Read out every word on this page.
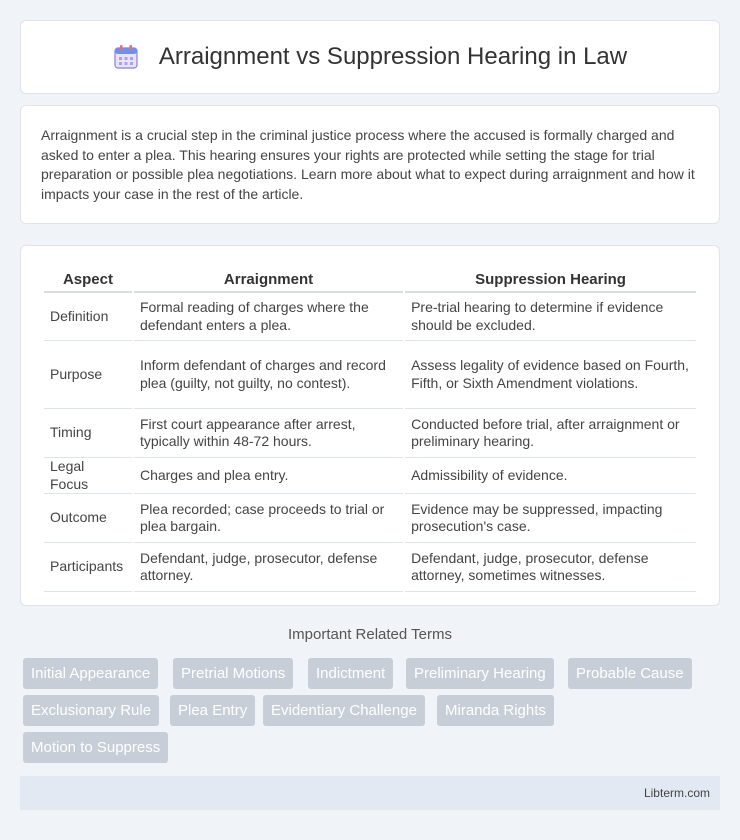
Arraignment vs Suppression Hearing in Law

Arraignment is a crucial step in the criminal justice process where the accused is formally charged and asked to enter a plea. This hearing ensures your rights are protected while setting the stage for trial preparation or possible plea negotiations. Learn more about what to expect during arraignment and how it impacts your case in the rest of the article.

Aspect	Arraignment	Suppression Hearing
Definition	Formal reading of charges where the defendant enters a plea.	Pre-trial hearing to determine if evidence should be excluded.
Purpose	Inform defendant of charges and record plea (guilty, not guilty, no contest).	Assess legality of evidence based on Fourth, Fifth, or Sixth Amendment violations.
Timing	First court appearance after arrest, typically within 48-72 hours.	Conducted before trial, after arraignment or preliminary hearing.
Legal Focus	Charges and plea entry.	Admissibility of evidence.
Outcome	Plea recorded; case proceeds to trial or plea bargain.	Evidence may be suppressed, impacting prosecution's case.
Participants	Defendant, judge, prosecutor, defense attorney.	Defendant, judge, prosecutor, defense attorney, sometimes witnesses.
Important Related Terms
Initial Appearance	Pretrial Motions	Indictment	Preliminary Hearing	Probable Cause
Exclusionary Rule	Plea Entry	Evidentiary Challenge	Miranda Rights
Motion to Suppress
Libterm.com
